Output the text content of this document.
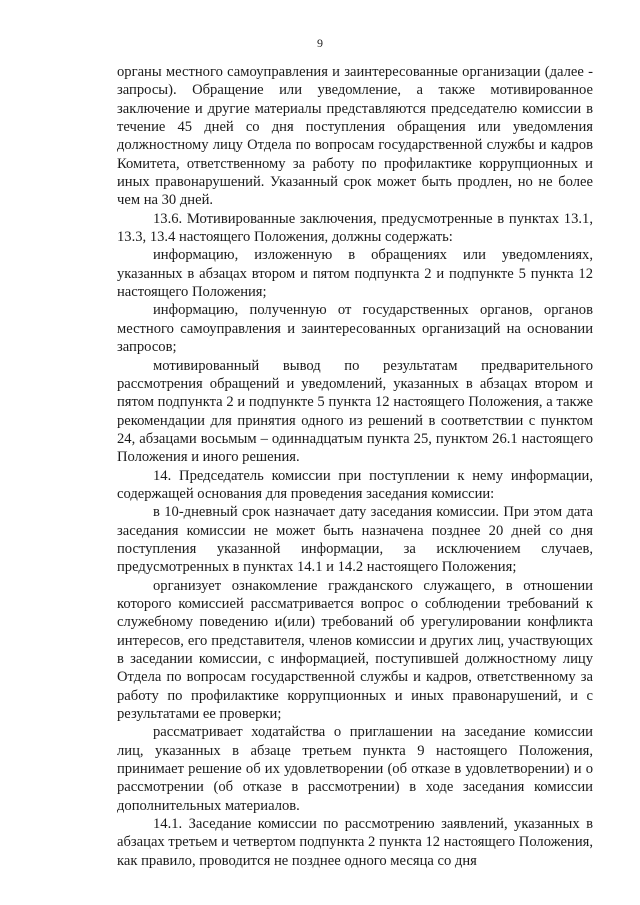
9

органы местного самоуправления и заинтересованные организации (далее - запросы). Обращение или уведомление, а также мотивированное заключение и другие материалы представляются председателю комиссии в течение 45 дней со дня поступления обращения или уведомления должностному лицу Отдела по вопросам государственной службы и кадров Комитета, ответственному за работу по профилактике коррупционных и иных правонарушений. Указанный срок может быть продлен, но не более чем на 30 дней.

13.6. Мотивированные заключения, предусмотренные в пунктах 13.1, 13.3, 13.4 настоящего Положения, должны содержать:

информацию, изложенную в обращениях или уведомлениях, указанных в абзацах втором и пятом подпункта 2 и подпункте 5 пункта 12 настоящего Положения;

информацию, полученную от государственных органов, органов местного самоуправления и заинтересованных организаций на основании запросов;

мотивированный вывод по результатам предварительного рассмотрения обращений и уведомлений, указанных в абзацах втором и пятом подпункта 2 и подпункте 5 пункта 12 настоящего Положения, а также рекомендации для принятия одного из решений в соответствии с пунктом 24, абзацами восьмым – одиннадцатым пункта 25, пунктом 26.1 настоящего Положения и иного решения.

14. Председатель комиссии при поступлении к нему информации, содержащей основания для проведения заседания комиссии:

в 10-дневный срок назначает дату заседания комиссии. При этом дата заседания комиссии не может быть назначена позднее 20 дней со дня поступления указанной информации, за исключением случаев, предусмотренных в пунктах 14.1 и 14.2 настоящего Положения;

организует ознакомление гражданского служащего, в отношении которого комиссией рассматривается вопрос о соблюдении требований к служебному поведению и(или) требований об урегулировании конфликта интересов, его представителя, членов комиссии и других лиц, участвующих в заседании комиссии, с информацией, поступившей должностному лицу Отдела по вопросам государственной службы и кадров, ответственному за работу по профилактике коррупционных и иных правонарушений, и с результатами ее проверки;

рассматривает ходатайства о приглашении на заседание комиссии лиц, указанных в абзаце третьем пункта 9 настоящего Положения, принимает решение об их удовлетворении (об отказе в удовлетворении) и о рассмотрении (об отказе в рассмотрении) в ходе заседания комиссии дополнительных материалов.

14.1. Заседание комиссии по рассмотрению заявлений, указанных в абзацах третьем и четвертом подпункта 2 пункта 12 настоящего Положения, как правило, проводится не позднее одного месяца со дня
